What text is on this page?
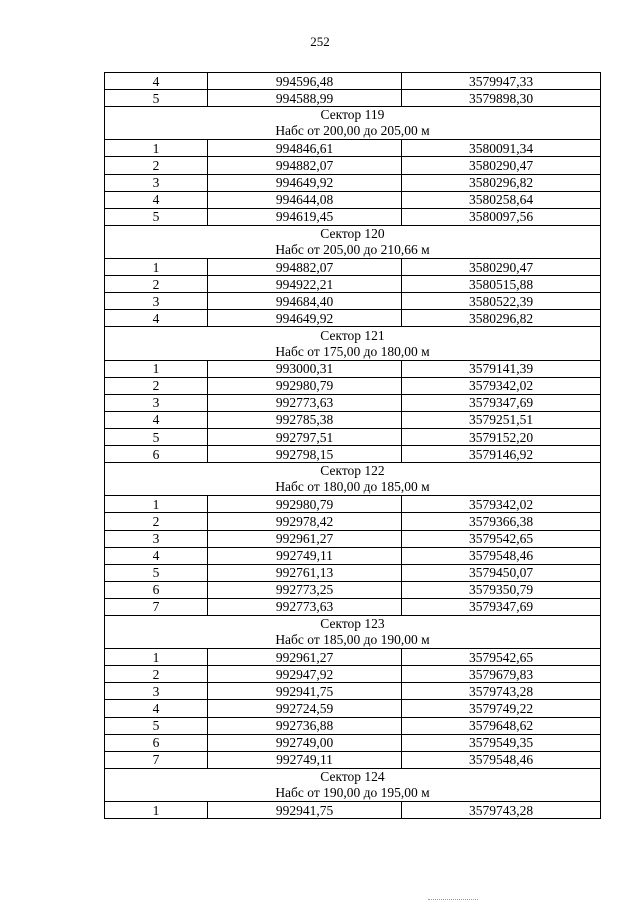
252
4	994596,48	3579947,33
5	994588,99	3579898,30

Сектор 119
Набс от 200,00 до 205,00 м		

1	994846,61	3580091,34
2	994882,07	3580290,47
3	994649,92	3580296,82
4	994644,08	3580258,64
5	994619,45	3580097,56

Сектор 120
Набс от 205,00 до 210,66 м		

1	994882,07	3580290,47
2	994922,21	3580515,88
3	994684,40	3580522,39
4	994649,92	3580296,82

Сектор 121
Набс от 175,00 до 180,00 м		

1	993000,31	3579141,39
2	992980,79	3579342,02
3	992773,63	3579347,69
4	992785,38	3579251,51
5	992797,51	3579152,20
6	992798,15	3579146,92

Сектор 122
Набс от 180,00 до 185,00 м		

1	992980,79	3579342,02
2	992978,42	3579366,38
3	992961,27	3579542,65
4	992749,11	3579548,46
5	992761,13	3579450,07
6	992773,25	3579350,79
7	992773,63	3579347,69

Сектор 123
Набс от 185,00 до 190,00 м		

1	992961,27	3579542,65
2	992947,92	3579679,83
3	992941,75	3579743,28
4	992724,59	3579749,22
5	992736,88	3579648,62
6	992749,00	3579549,35
7	992749,11	3579548,46

Сектор 124
Набс от 190,00 до 195,00 м		

1	992941,75	3579743,28
